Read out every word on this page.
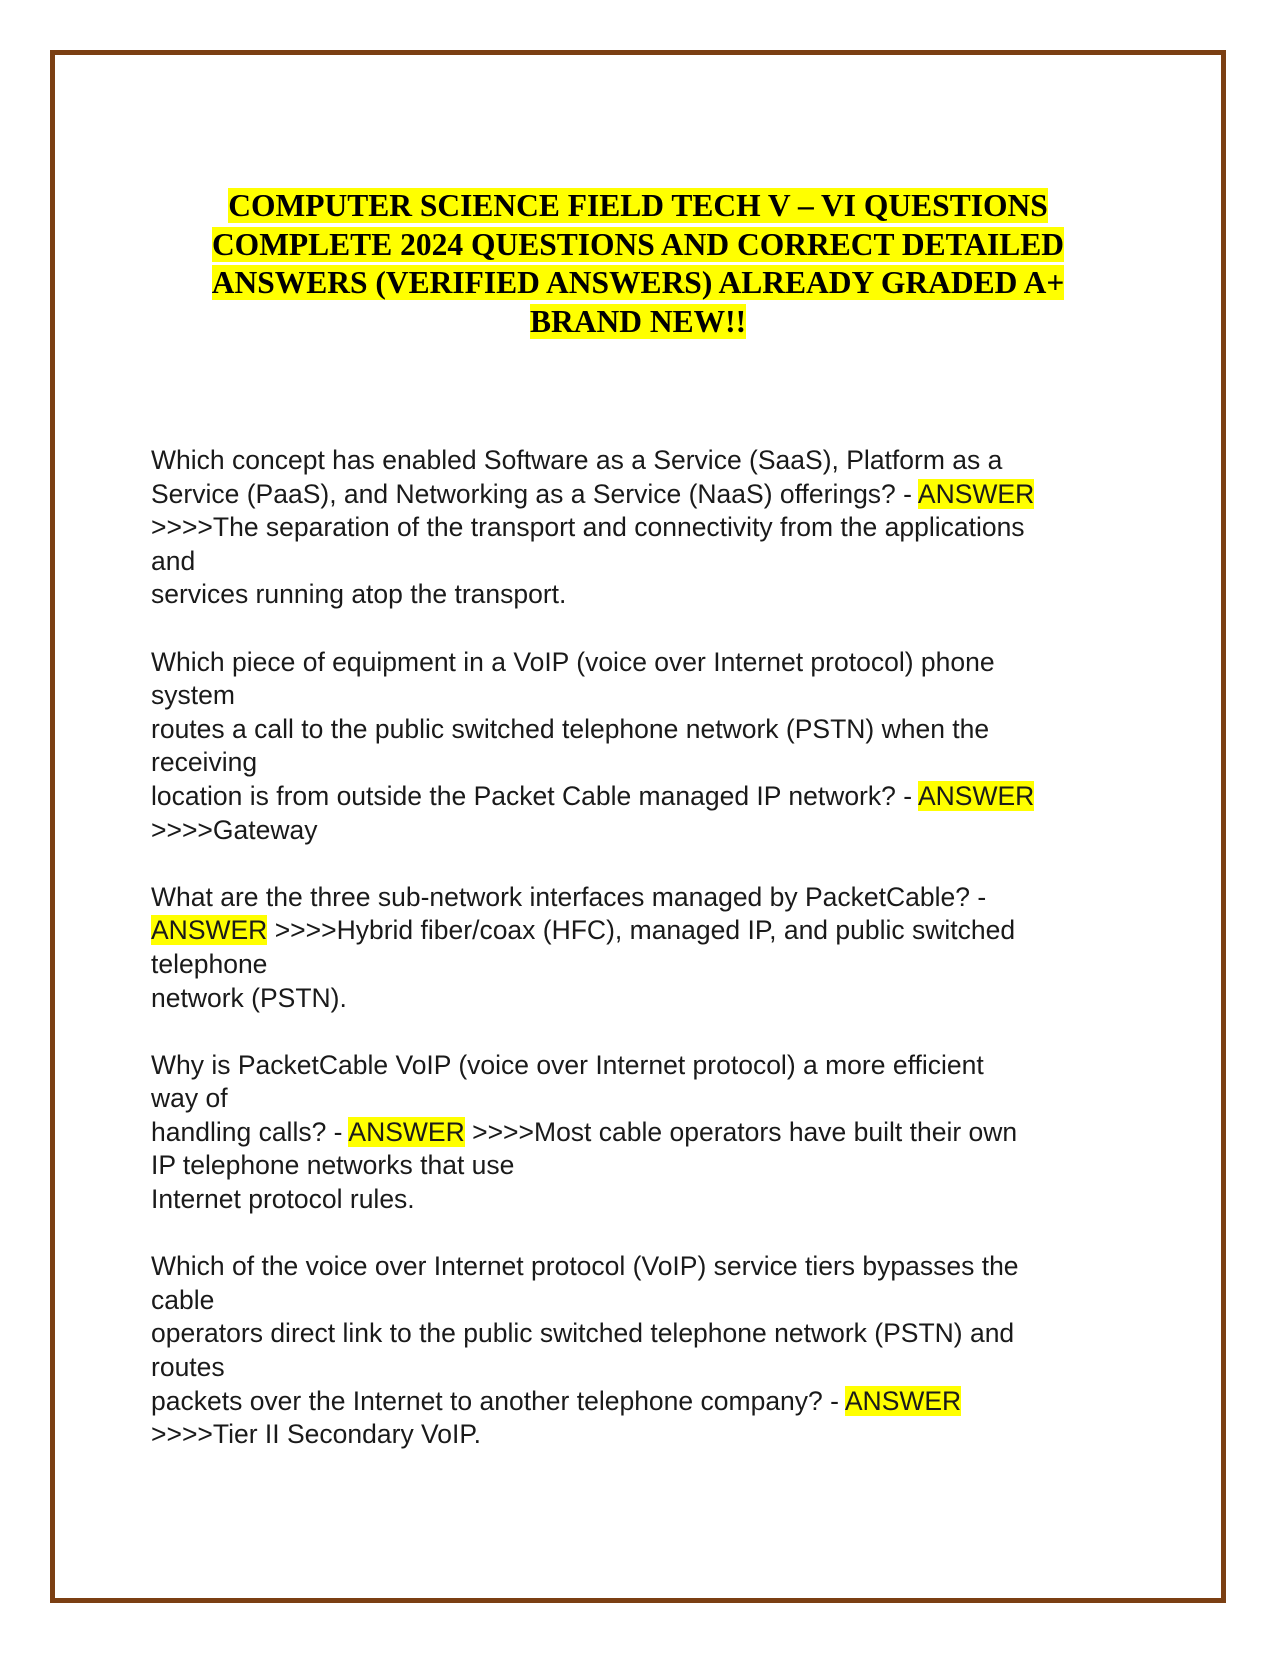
COMPUTER SCIENCE FIELD TECH V – VI QUESTIONS
COMPLETE 2024 QUESTIONS AND CORRECT DETAILED
ANSWERS (VERIFIED ANSWERS) ALREADY GRADED A+
BRAND NEW!!
Which concept has enabled Software as a Service (SaaS), Platform as a
Service (PaaS), and Networking as a Service (NaaS) offerings? - ANSWER
>>>>The separation of the transport and connectivity from the applications
and
services running atop the transport.
Which piece of equipment in a VoIP (voice over Internet protocol) phone
system
routes a call to the public switched telephone network (PSTN) when the
receiving
location is from outside the Packet Cable managed IP network? - ANSWER
>>>>Gateway
What are the three sub-network interfaces managed by PacketCable? -
ANSWER >>>>Hybrid fiber/coax (HFC), managed IP, and public switched
telephone
network (PSTN).
Why is PacketCable VoIP (voice over Internet protocol) a more efficient
way of
handling calls? - ANSWER >>>>Most cable operators have built their own
IP telephone networks that use
Internet protocol rules.
Which of the voice over Internet protocol (VoIP) service tiers bypasses the
cable
operators direct link to the public switched telephone network (PSTN) and
routes
packets over the Internet to another telephone company? - ANSWER
>>>>Tier II Secondary VoIP.
